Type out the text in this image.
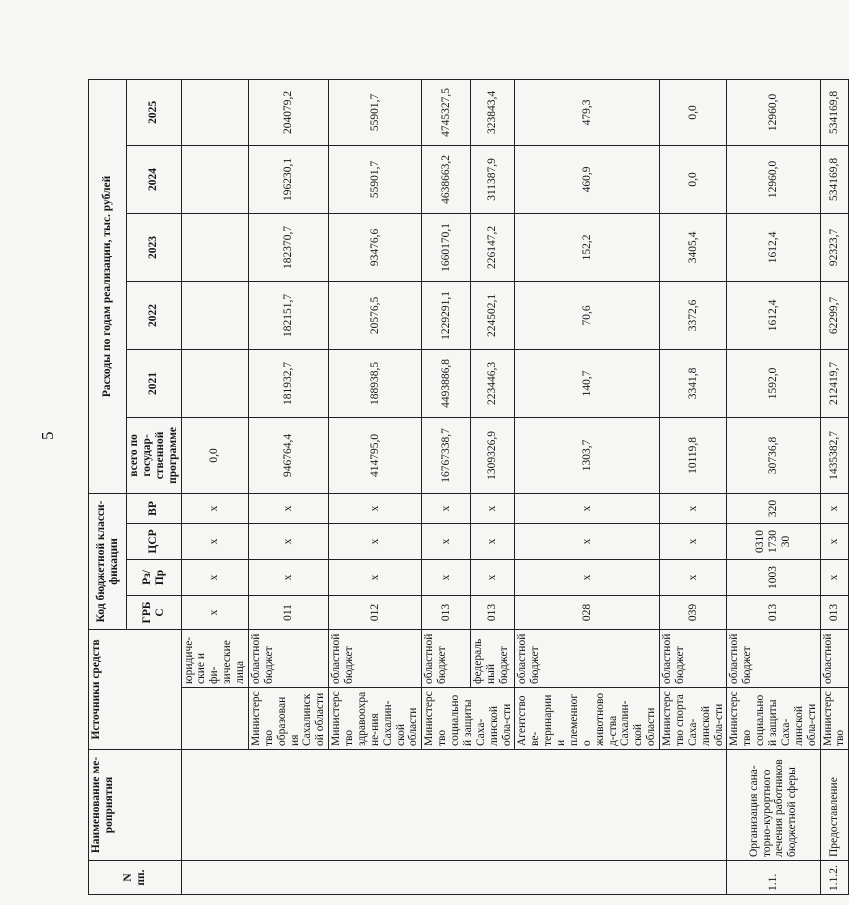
5
N пп.	Наименование ме-роприятия	Источники средств		Код бюджетной класси-фикации				Расходы по годам реализации, тыс. рублей					
				ГРБС	Рз/ Пр	ЦСР	ВР	всего по государ-ственной программе	2021	2022	2023	2024	2025
			юридиче-ские и фи-зические лица	x	x	x	x	0,0					
		Министерство образования Сахалинской области	областной бюджет	011	x	x	x	946764,4	181932,7	182151,7	182370,7	196230,1	204079,2
		Министерство здравоохране-ния Сахалин-ской области	областной бюджет	012	x	x	x	414795,0	188938,5	20576,5	93476,6	55901,7	55901,7
		Министерство социальной защиты Саха-линской обла-сти	областной бюджет	013	x	x	x	16767338,7	4493886,8	1229291,1	1660170,1	4638663,2	4745327,5
			федеральный бюджет	013	x	x	x	1309326,9	223446,3	224502,1	226147,2	311387,9	323843,4
		Агентство ве-теринарии и племенного животновод-ства Сахалин-ской области	областной бюджет	028	x	x	x	1303,7	140,7	70,6	152,2	460,9	479,3
		Министерство спорта Саха-линской обла-сти	областной бюджет	039	x	x	x	10119,8	3341,8	3372,6	3405,4	0,0	0,0
1.1.	Организация сана-торно-курортного лечения работников бюджетной сферы	Министерство социальной защиты Саха-линской обла-сти	областной бюджет	013	1003	0310 1730 30	320	30736,8	1592,0	1612,4	1612,4	12960,0	12960,0
1.1.2.	Предоставление	Министерство	областной	013	x	x	x	1435382,7	212419,7	62299,7	92323,7	534169,8	534169,8
